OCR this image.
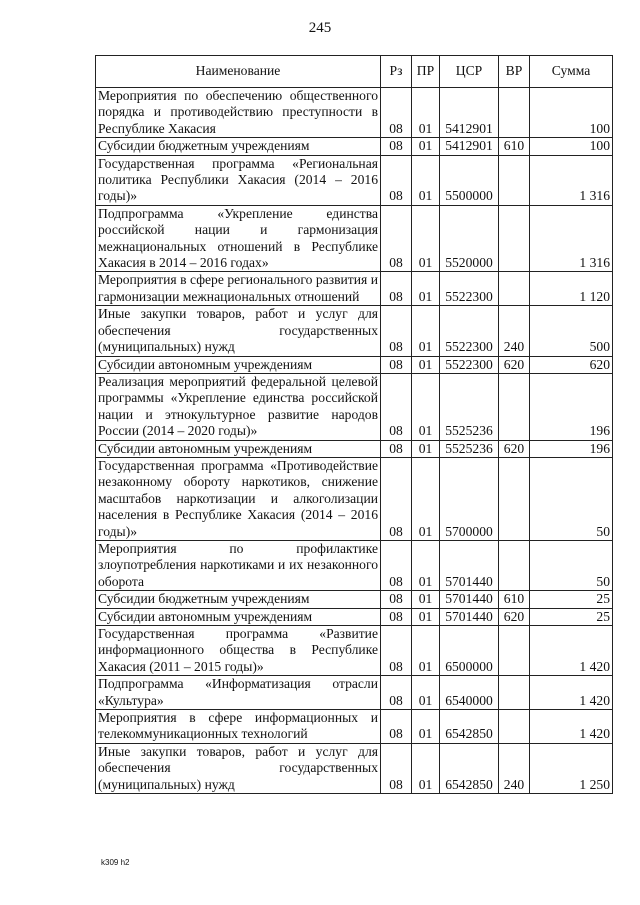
245
Наименование	Рз	ПР	ЦСР	ВР	Сумма
Мероприятия по обеспечению общественного порядка и противодействию преступности в Республике Хакасия	08	01	5412901		100
Субсидии бюджетным учреждениям	08	01	5412901	610	100
Государственная программа «Региональная политика Республики Хакасия (2014 – 2016 годы)»	08	01	5500000		1 316
Подпрограмма «Укрепление единства российской нации и гармонизация межнациональных отношений в Республике Хакасия в 2014 – 2016 годах»	08	01	5520000		1 316
Мероприятия в сфере регионального развития и гармонизации межнациональных отношений	08	01	5522300		1 120
Иные закупки товаров, работ и услуг для обеспечения государственных (муниципальных) нужд	08	01	5522300	240	500
Субсидии автономным учреждениям	08	01	5522300	620	620
Реализация мероприятий федеральной целевой программы «Укрепление единства российской нации и этнокультурное развитие народов России (2014 – 2020 годы)»	08	01	5525236		196
Субсидии автономным учреждениям	08	01	5525236	620	196
Государственная программа «Противодействие незаконному обороту наркотиков, снижение масштабов наркотизации и алкоголизации населения в Республике Хакасия (2014 – 2016 годы)»	08	01	5700000		50
Мероприятия по профилактике злоупотребления наркотиками и их незаконного оборота	08	01	5701440		50
Субсидии бюджетным учреждениям	08	01	5701440	610	25
Субсидии автономным учреждениям	08	01	5701440	620	25
Государственная программа «Развитие информационного общества в Республике Хакасия (2011 – 2015 годы)»	08	01	6500000		1 420
Подпрограмма «Информатизация отрасли «Культура»	08	01	6540000		1 420
Мероприятия в сфере информационных и телекоммуникационных технологий	08	01	6542850		1 420
Иные закупки товаров, работ и услуг для обеспечения государственных (муниципальных) нужд	08	01	6542850	240	1 250
k309 h2
